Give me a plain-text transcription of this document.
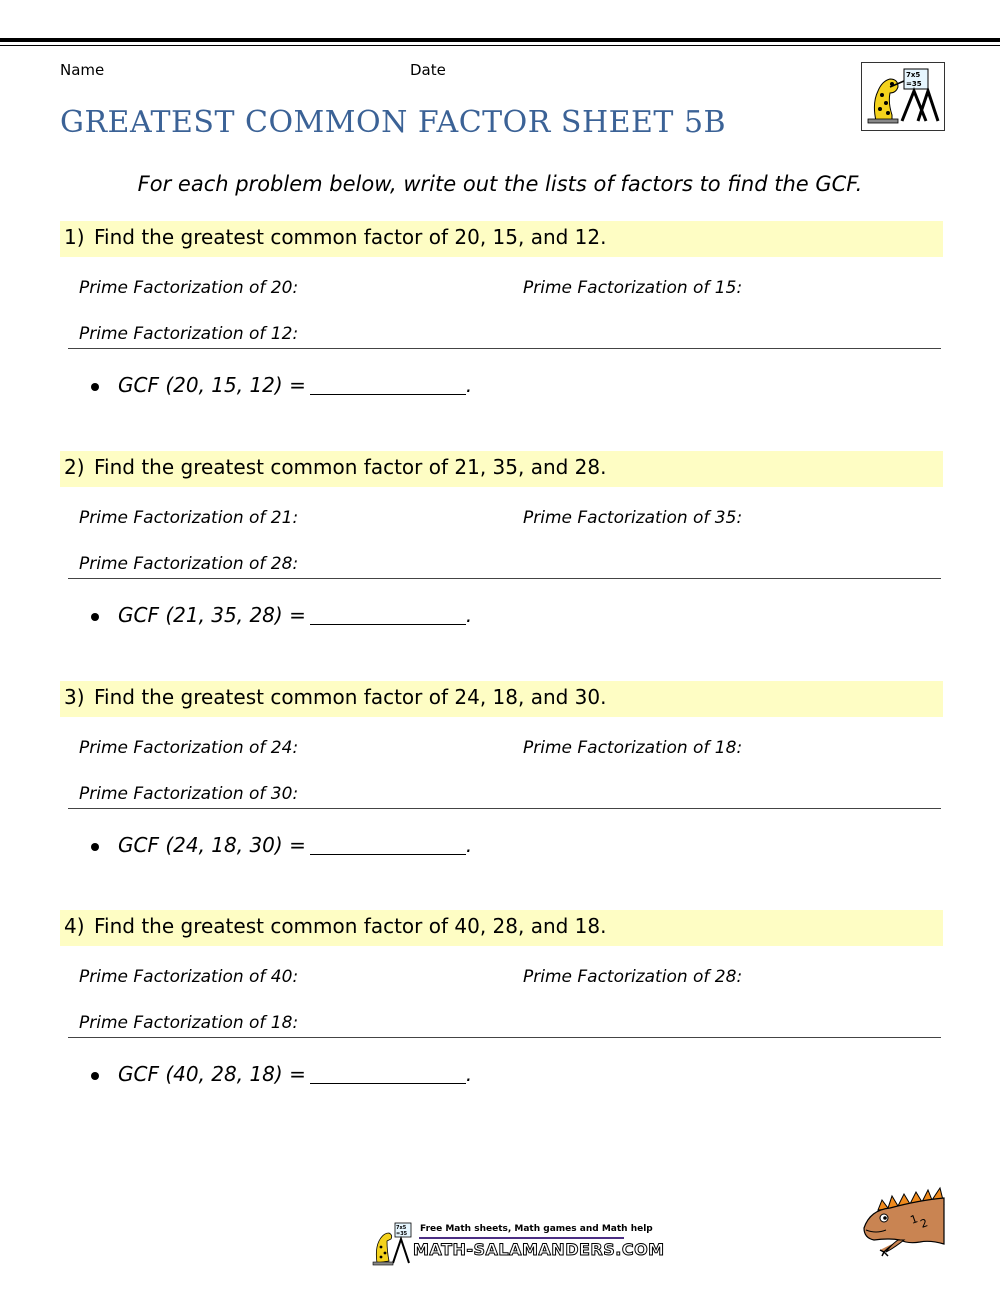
Name	Date
GREATEST COMMON FACTOR SHEET 5B
7x5
=35
For each problem below, write out the lists of factors to find the GCF.
1) Find the greatest common factor of 20, 15, and 12.
Prime Factorization of 20:	Prime Factorization of 15:
Prime Factorization of 12:
GCF (20, 15, 12) =	.
2) Find the greatest common factor of 21, 35, and 28.
Prime Factorization of 21:	Prime Factorization of 35:
Prime Factorization of 28:
GCF (21, 35, 28) =	.
3) Find the greatest common factor of 24, 18, and 30.
Prime Factorization of 24:	Prime Factorization of 18:
Prime Factorization of 30:
GCF (24, 18, 30) =	.
4) Find the greatest common factor of 40, 28, and 18.
Prime Factorization of 40:	Prime Factorization of 28:
Prime Factorization of 18:
GCF (40, 28, 18) =	.
7x5
=35 Free Math sheets, Math games and Math help
MATH-SALAMANDERS.COM
1
2
